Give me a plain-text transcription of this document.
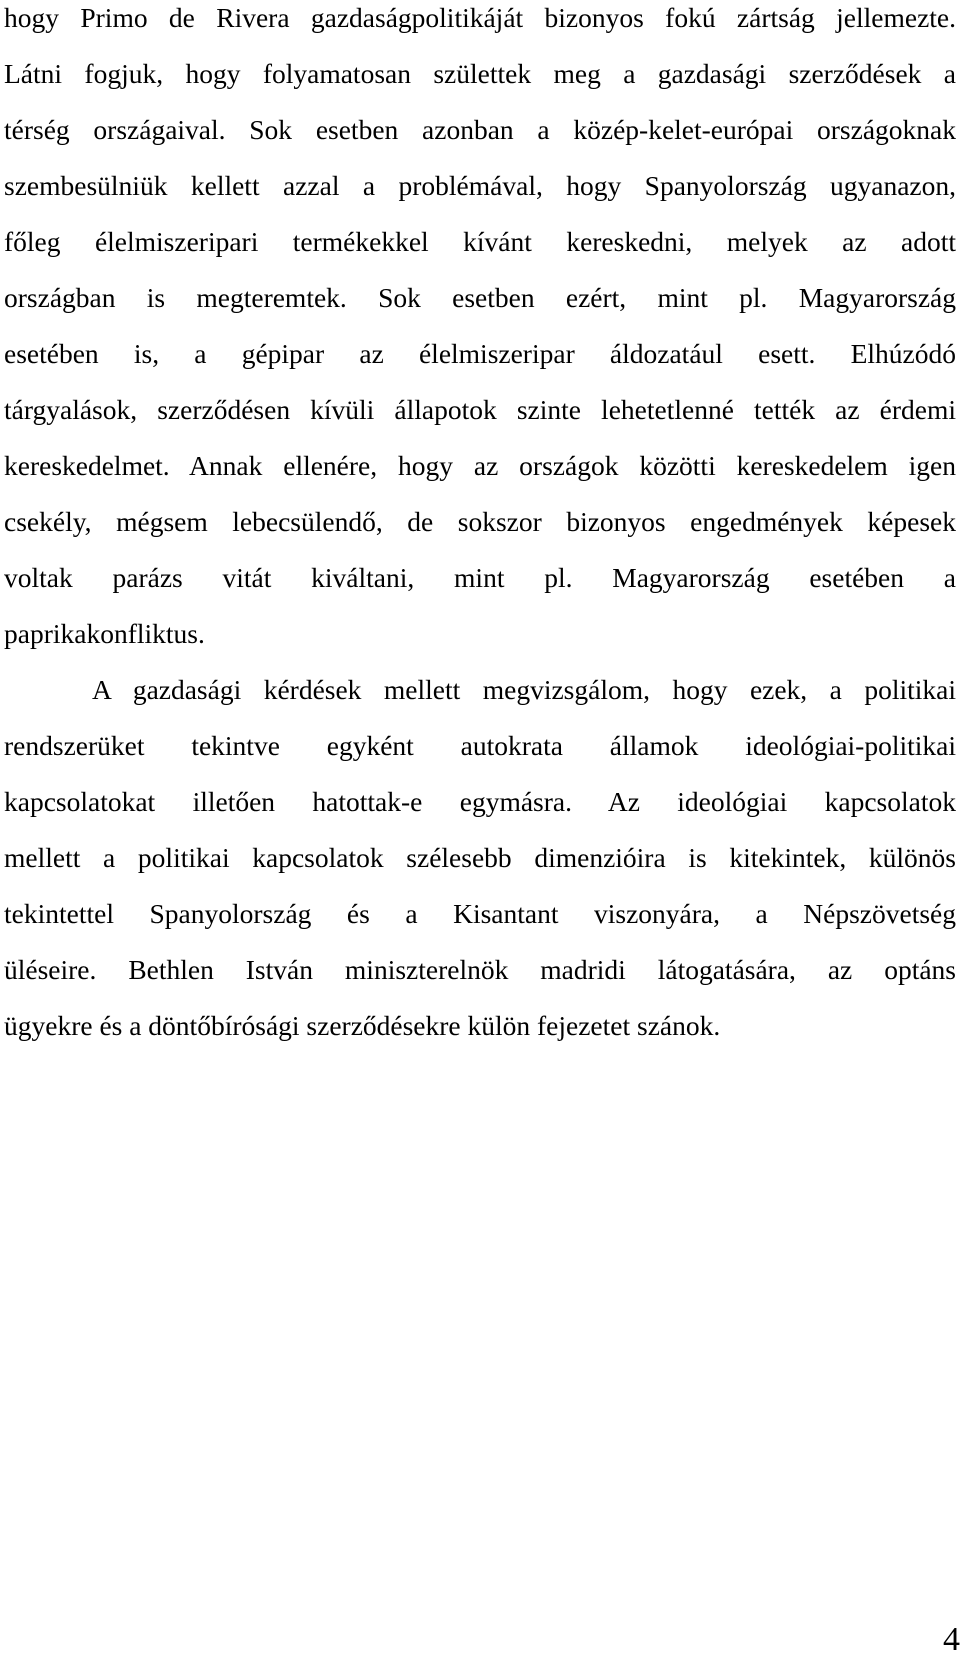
hogy Primo de Rivera gazdaságpolitikáját bizonyos fokú zártság jellemezte.
Látni fogjuk, hogy folyamatosan születtek meg a gazdasági szerződések a
térség országaival. Sok esetben azonban a közép-kelet-európai országoknak
szembesülniük kellett azzal a problémával, hogy Spanyolország ugyanazon,
főleg élelmiszeripari termékekkel kívánt kereskedni, melyek az adott
országban is megteremtek. Sok esetben ezért, mint pl. Magyarország
esetében is, a gépipar az élelmiszeripar áldozatául esett. Elhúzódó
tárgyalások, szerződésen kívüli állapotok szinte lehetetlenné tették az érdemi
kereskedelmet. Annak ellenére, hogy az országok közötti kereskedelem igen
csekély, mégsem lebecsülendő, de sokszor bizonyos engedmények képesek
voltak parázs vitát kiváltani, mint pl. Magyarország esetében a
paprikakonfliktus.
A gazdasági kérdések mellett megvizsgálom, hogy ezek, a politikai
rendszerüket tekintve egyként autokrata államok ideológiai-politikai
kapcsolatokat illetően hatottak-e egymásra. Az ideológiai kapcsolatok
mellett a politikai kapcsolatok szélesebb dimenzióira is kitekintek, különös
tekintettel Spanyolország és a Kisantant viszonyára, a Népszövetség
üléseire. Bethlen István miniszterelnök madridi látogatására, az optáns
ügyekre és a döntőbírósági szerződésekre külön fejezetet szánok.
4
